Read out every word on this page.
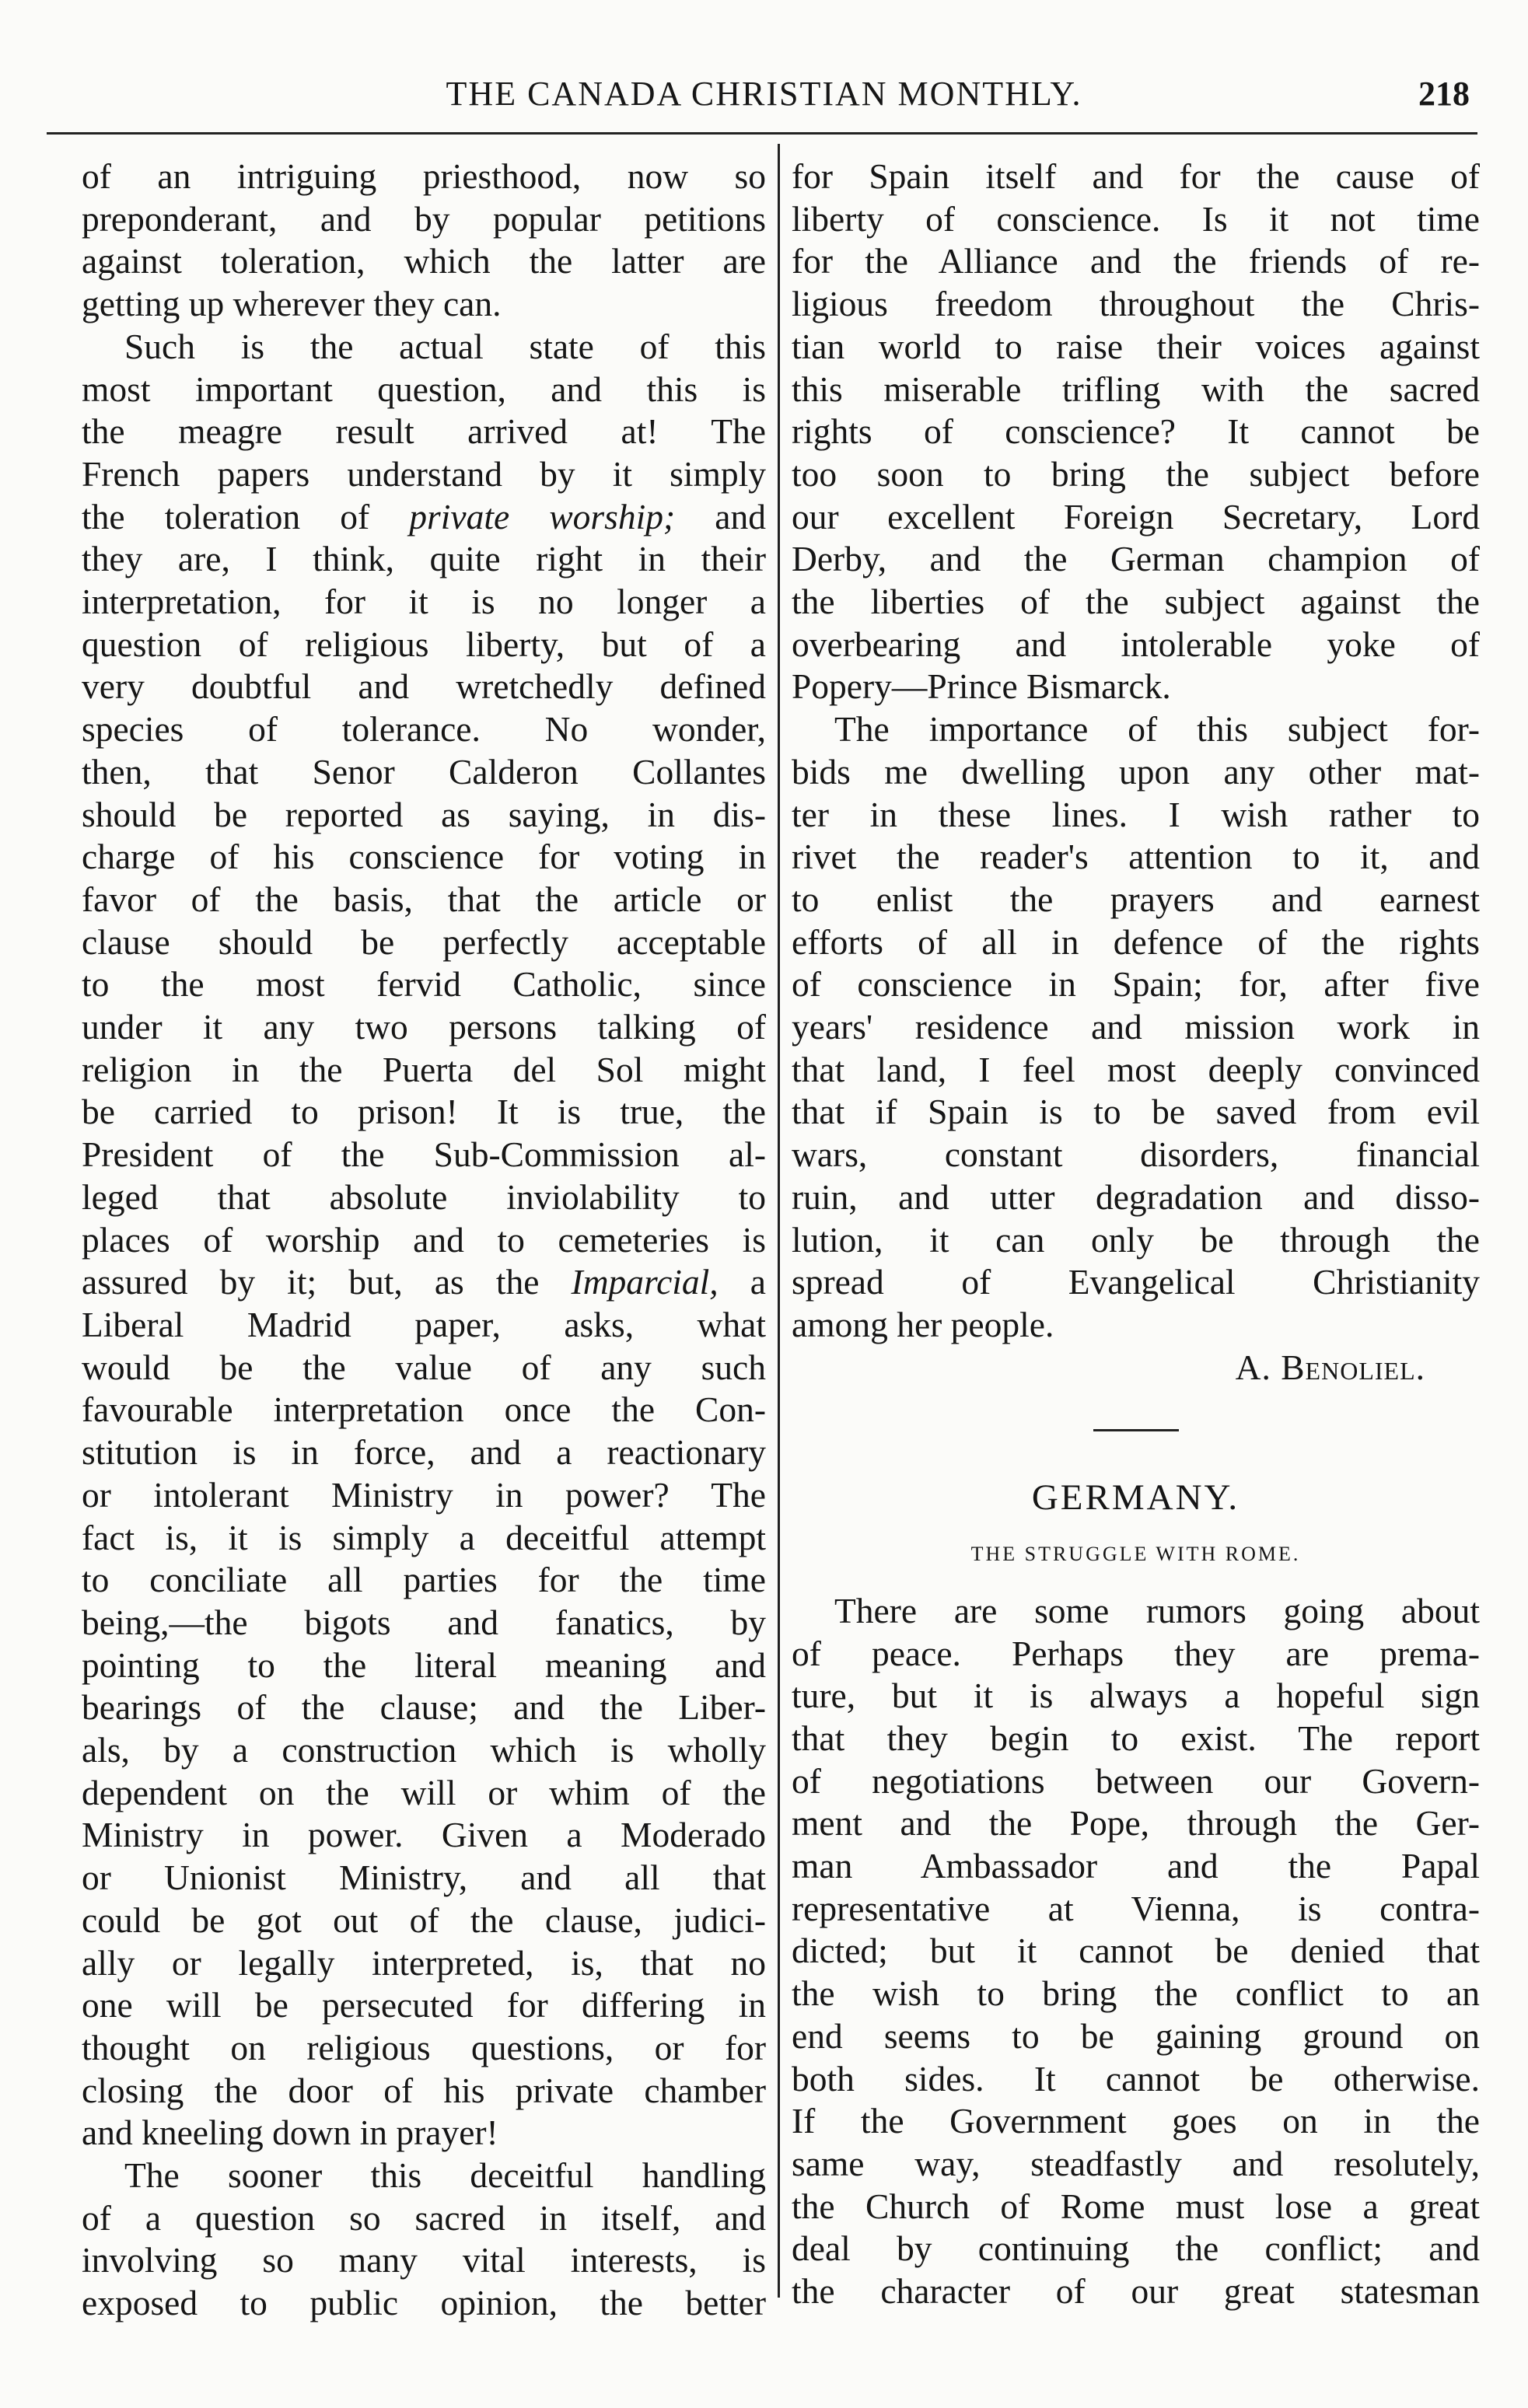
THE CANADA CHRISTIAN MONTHLY.	218
of an intriguing priesthood, now so
preponderant, and by popular petitions
against toleration, which the latter are
getting up wherever they can.
Such is the actual state of this
most important question, and this is
the meagre result arrived at! The
French papers understand by it simply
the toleration of private worship; and
they are, I think, quite right in their
interpretation, for it is no longer a
question of religious liberty, but of a
very doubtful and wretchedly defined
species of tolerance. No wonder,
then, that Senor Calderon Collantes
should be reported as saying, in dis-
charge of his conscience for voting in
favor of the basis, that the article or
clause should be perfectly acceptable
to the most fervid Catholic, since
under it any two persons talking of
religion in the Puerta del Sol might
be carried to prison! It is true, the
President of the Sub-Commission al-
leged that absolute inviolability to
places of worship and to cemeteries is
assured by it; but, as the Imparcial, a
Liberal Madrid paper, asks, what
would be the value of any such
favourable interpretation once the Con-
stitution is in force, and a reactionary
or intolerant Ministry in power? The
fact is, it is simply a deceitful attempt
to conciliate all parties for the time
being,—the bigots and fanatics, by
pointing to the literal meaning and
bearings of the clause; and the Liber-
als, by a construction which is wholly
dependent on the will or whim of the
Ministry in power. Given a Moderado
or Unionist Ministry, and all that
could be got out of the clause, judici-
ally or legally interpreted, is, that no
one will be persecuted for differing in
thought on religious questions, or for
closing the door of his private chamber
and kneeling down in prayer!
The sooner this deceitful handling
of a question so sacred in itself, and
involving so many vital interests, is
exposed to public opinion, the better
for Spain itself and for the cause of
liberty of conscience. Is it not time
for the Alliance and the friends of re-
ligious freedom throughout the Chris-
tian world to raise their voices against
this miserable trifling with the sacred
rights of conscience? It cannot be
too soon to bring the subject before
our excellent Foreign Secretary, Lord
Derby, and the German champion of
the liberties of the subject against the
overbearing and intolerable yoke of
Popery—Prince Bismarck.
The importance of this subject for-
bids me dwelling upon any other mat-
ter in these lines. I wish rather to
rivet the reader's attention to it, and
to enlist the prayers and earnest
efforts of all in defence of the rights
of conscience in Spain; for, after five
years' residence and mission work in
that land, I feel most deeply convinced
that if Spain is to be saved from evil
wars, constant disorders, financial
ruin, and utter degradation and disso-
lution, it can only be through the
spread of Evangelical Christianity
among her people.
A. Benoliel.
GERMANY.
THE STRUGGLE WITH ROME.
There are some rumors going about
of peace. Perhaps they are prema-
ture, but it is always a hopeful sign
that they begin to exist. The report
of negotiations between our Govern-
ment and the Pope, through the Ger-
man Ambassador and the Papal
representative at Vienna, is contra-
dicted; but it cannot be denied that
the wish to bring the conflict to an
end seems to be gaining ground on
both sides. It cannot be otherwise.
If the Government goes on in the
same way, steadfastly and resolutely,
the Church of Rome must lose a great
deal by continuing the conflict; and
the character of our great statesman
